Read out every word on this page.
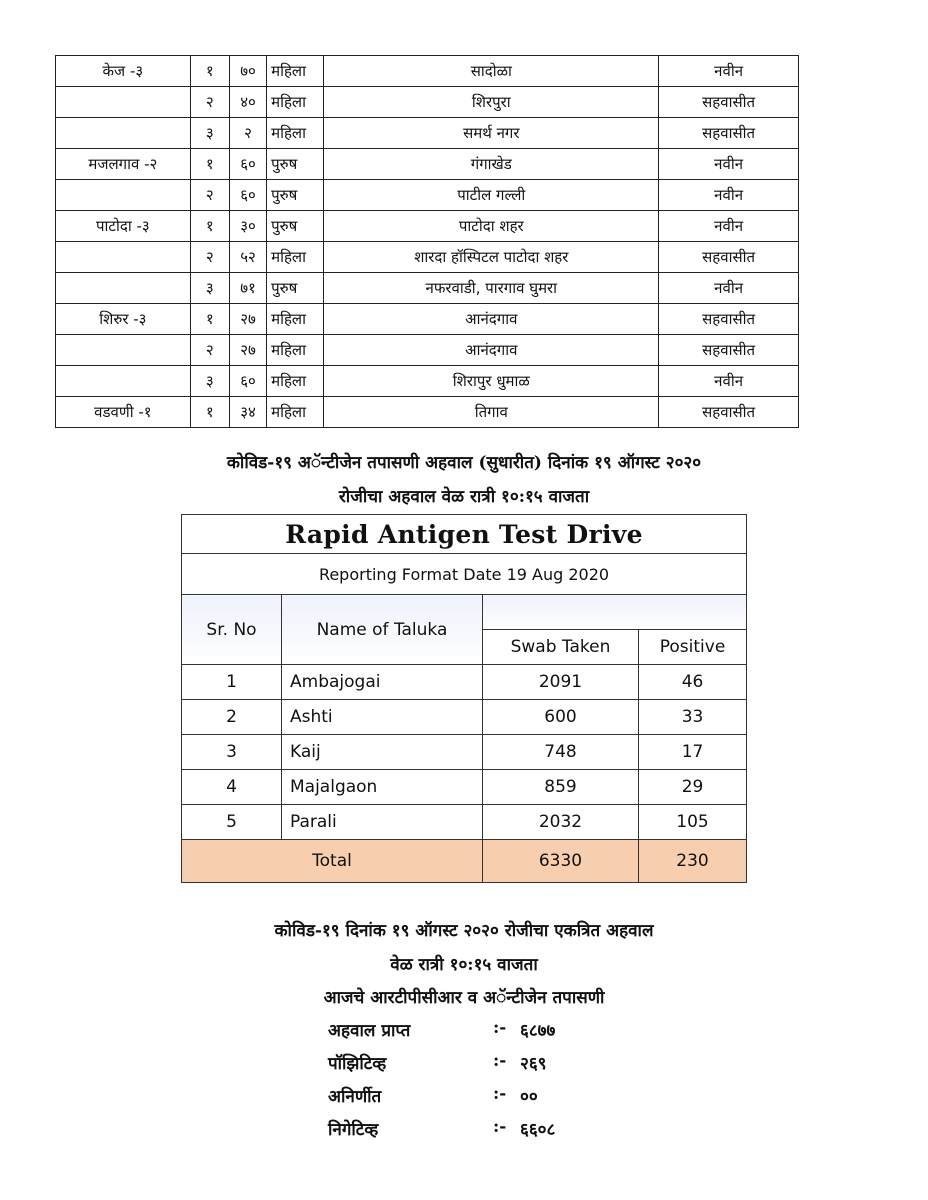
केज -३	१	७०	महिला	सादोळा	नवीन
	२	४०	महिला	शिरपुरा	सहवासीत
	३	२	महिला	समर्थ नगर	सहवासीत
मजलगाव -२	१	६०	पुरुष	गंगाखेड	नवीन
	२	६०	पुरुष	पाटील गल्ली	नवीन
पाटोदा -३	१	३०	पुरुष	पाटोदा शहर	नवीन
	२	५२	महिला	शारदा हॉस्पिटल पाटोदा शहर	सहवासीत
	३	७१	पुरुष	नफरवाडी, पारगाव घुमरा	नवीन
शिरुर -३	१	२७	महिला	आनंदगाव	सहवासीत
	२	२७	महिला	आनंदगाव	सहवासीत
	३	६०	महिला	शिरापुर धुमाळ	नवीन
वडवणी -१	१	३४	महिला	तिगाव	सहवासीत
कोविड-१९ अॅन्टीजेन तपासणी अहवाल (सुधारीत) दिनांक १९ ऑगस्ट २०२०
रोजीचा अहवाल वेळ रात्री १०:१५ वाजता
Rapid Antigen Test Drive			
Reporting Format Date 19 Aug 2020			
Sr. No	Name of Taluka		
		Swab Taken	Positive
1	Ambajogai	2091	46
2	Ashti	600	33
3	Kaij	748	17
4	Majalgaon	859	29
5	Parali	2032	105
Total		6330	230
कोविड-१९ दिनांक १९ ऑगस्ट २०२० रोजीचा एकत्रित अहवाल
वेळ रात्री १०:१५ वाजता
आजचे आरटीपीसीआर व अॅन्टीजेन तपासणी
अहवाल प्राप्त	:- ६८७७
पॉझिटिव्ह	:- २६९
अनिर्णीत	:- ००
निगेटिव्ह	:- ६६०८
